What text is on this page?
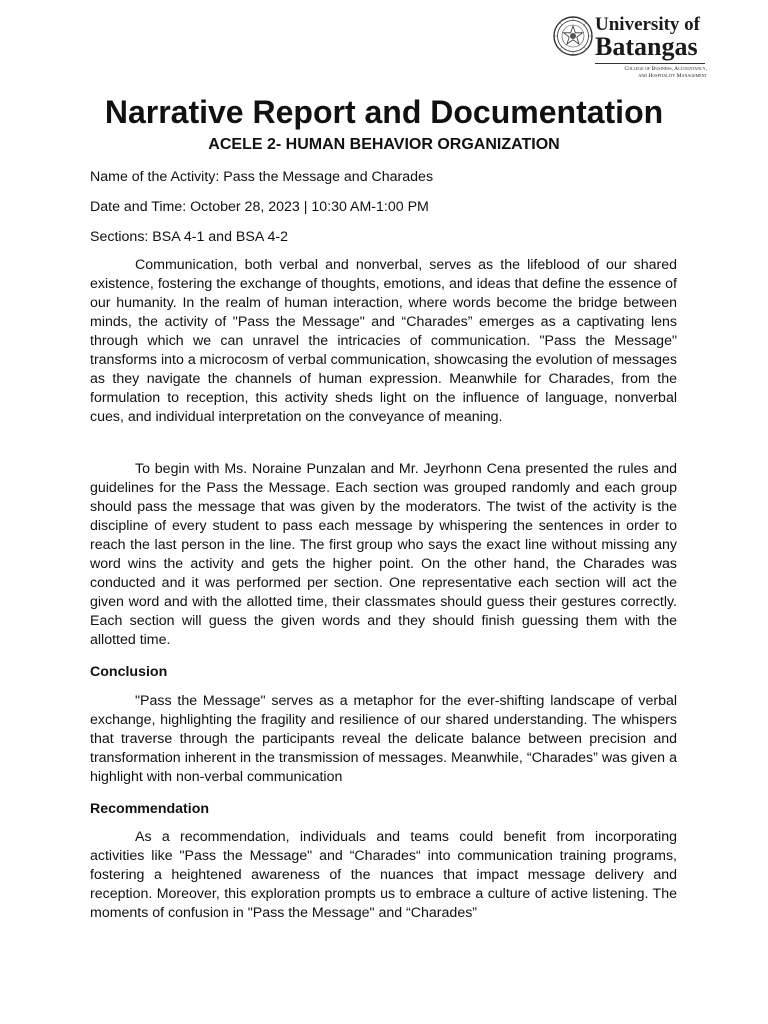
University of
Batangas
College of Business, Accountancy,
and Hospitality Management
Narrative Report and Documentation
ACELE 2- HUMAN BEHAVIOR ORGANIZATION
Name of the Activity: Pass the Message and Charades
Date and Time: October 28, 2023 | 10:30 AM-1:00 PM
Sections: BSA 4-1 and BSA 4-2
Communication, both verbal and nonverbal, serves as the lifeblood of our shared existence, fostering the exchange of thoughts, emotions, and ideas that define the essence of our humanity. In the realm of human interaction, where words become the bridge between minds, the activity of "Pass the Message" and “Charades” emerges as a captivating lens through which we can unravel the intricacies of communication. "Pass the Message" transforms into a microcosm of verbal communication, showcasing the evolution of messages as they navigate the channels of human expression. Meanwhile for Charades, from the formulation to reception, this activity sheds light on the influence of language, nonverbal cues, and individual interpretation on the conveyance of meaning.
To begin with Ms. Noraine Punzalan and Mr. Jeyrhonn Cena presented the rules and guidelines for the Pass the Message. Each section was grouped randomly and each group should pass the message that was given by the moderators. The twist of the activity is the discipline of every student to pass each message by whispering the sentences in order to reach the last person in the line. The first group who says the exact line without missing any word wins the activity and gets the higher point. On the other hand, the Charades was conducted and it was performed per section. One representative each section will act the given word and with the allotted time, their classmates should guess their gestures correctly. Each section will guess the given words and they should finish guessing them with the allotted time.
Conclusion
"Pass the Message" serves as a metaphor for the ever-shifting landscape of verbal exchange, highlighting the fragility and resilience of our shared understanding. The whispers that traverse through the participants reveal the delicate balance between precision and transformation inherent in the transmission of messages. Meanwhile, “Charades” was given a highlight with non-verbal communication
Recommendation
As a recommendation, individuals and teams could benefit from incorporating activities like "Pass the Message" and “Charades“ into communication training programs, fostering a heightened awareness of the nuances that impact message delivery and reception. Moreover, this exploration prompts us to embrace a culture of active listening. The moments of confusion in "Pass the Message" and “Charades”
